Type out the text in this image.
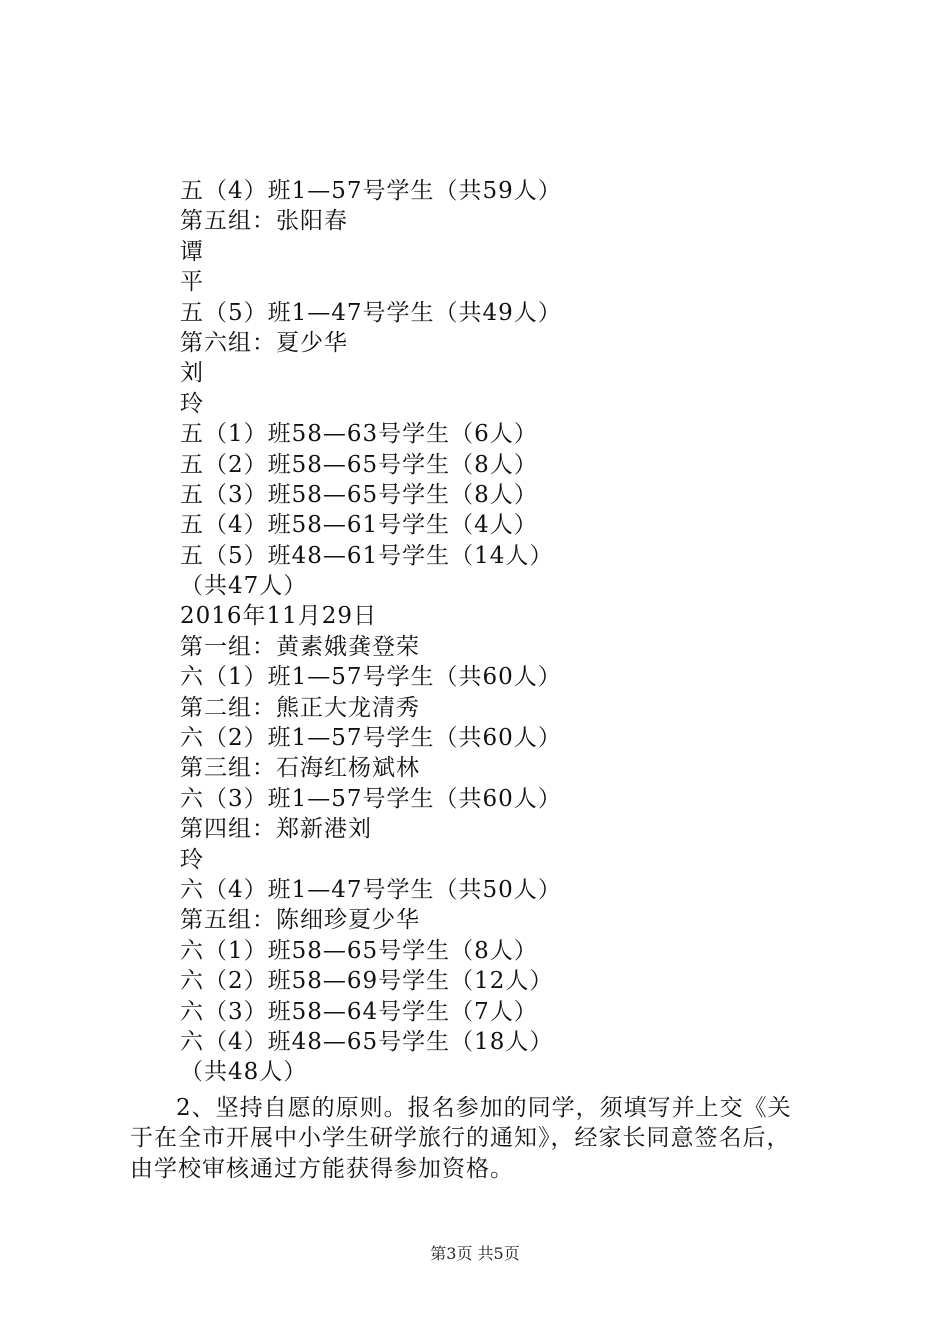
五（4）班1—57号学生（共59人）
第五组：张阳春
谭
平
五（5）班1—47号学生（共49人）
第六组：夏少华
刘
玲
五（1）班58—63号学生（6人）
五（2）班58—65号学生（8人）
五（3）班58—65号学生（8人）
五（4）班58—61号学生（4人）
五（5）班48—61号学生（14人）
（共47人）
2016年11月29日
第一组：黄素娥龚登荣
六（1）班1—57号学生（共60人）
第二组：熊正大龙清秀
六（2）班1—57号学生（共60人）
第三组：石海红杨斌林
六（3）班1—57号学生（共60人）
第四组：郑新港刘
玲
六（4）班1—47号学生（共50人）
第五组：陈细珍夏少华
六（1）班58—65号学生（8人）
六（2）班58—69号学生（12人）
六（3）班58—64号学生（7人）
六（4）班48—65号学生（18人）
（共48人）
2、坚持自愿的原则。报名参加的同学，须填写并上交《关
于在全市开展中小学生研学旅行的通知》，经家长同意签名后，
由学校审核通过方能获得参加资格。
第3页 共5页
